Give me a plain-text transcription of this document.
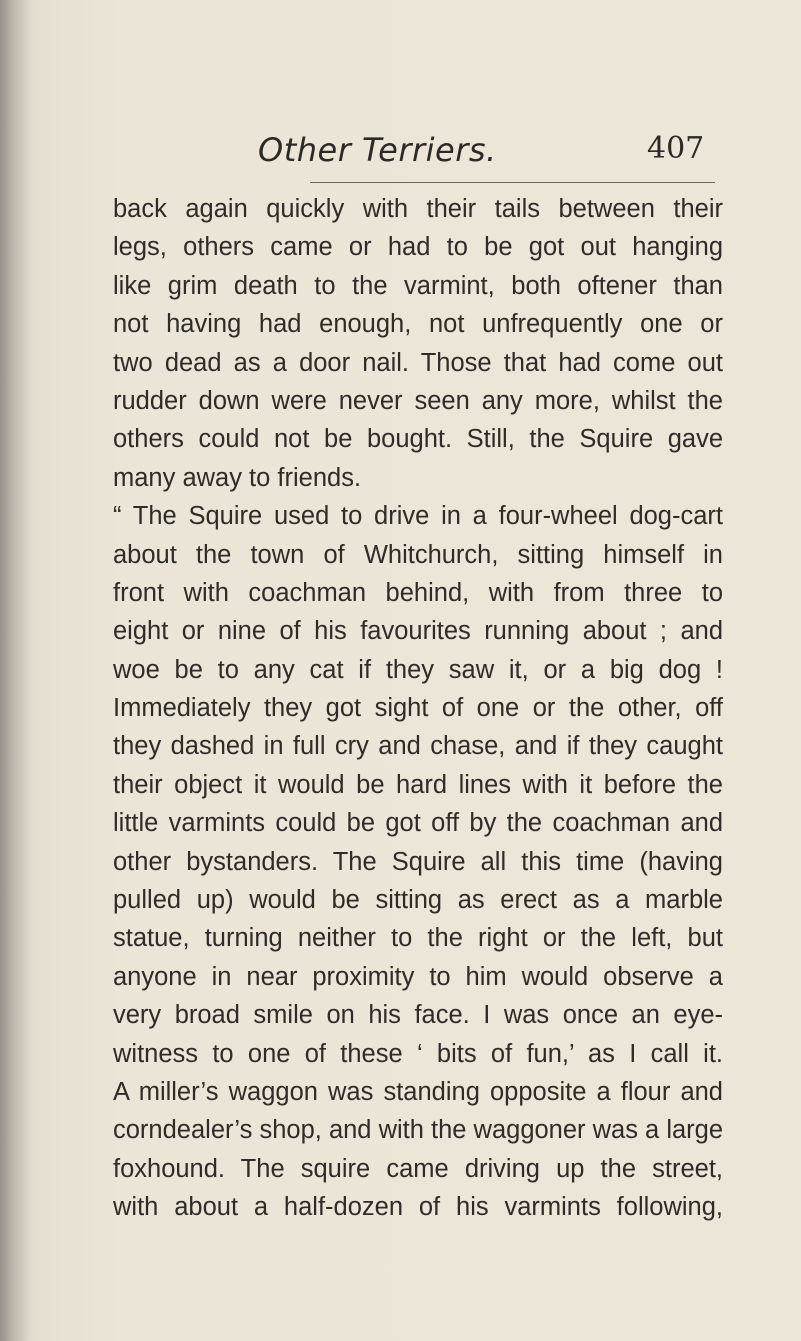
Other Terriers.	407
back again quickly with their tails between their
legs, others came or had to be got out hanging
like grim death to the varmint, both oftener than
not having had enough, not unfrequently one or
two dead as a door nail. Those that had come out
rudder down were never seen any more, whilst the
others could not be bought. Still, the Squire gave
many away to friends.
“ The Squire used to drive in a four-wheel dog-cart
about the town of Whitchurch, sitting himself in
front with coachman behind, with from three to
eight or nine of his favourites running about ; and
woe be to any cat if they saw it, or a big dog !
Immediately they got sight of one or the other, off
they dashed in full cry and chase, and if they caught
their object it would be hard lines with it before the
little varmints could be got off by the coachman and
other bystanders. The Squire all this time (having
pulled up) would be sitting as erect as a marble
statue, turning neither to the right or the left, but
anyone in near proximity to him would observe a
very broad smile on his face. I was once an eye-
witness to one of these ‘ bits of fun,’ as I call it.
A miller’s waggon was standing opposite a flour and
corndealer’s shop, and with the waggoner was a large
foxhound. The squire came driving up the street,
with about a half-dozen of his varmints following,
